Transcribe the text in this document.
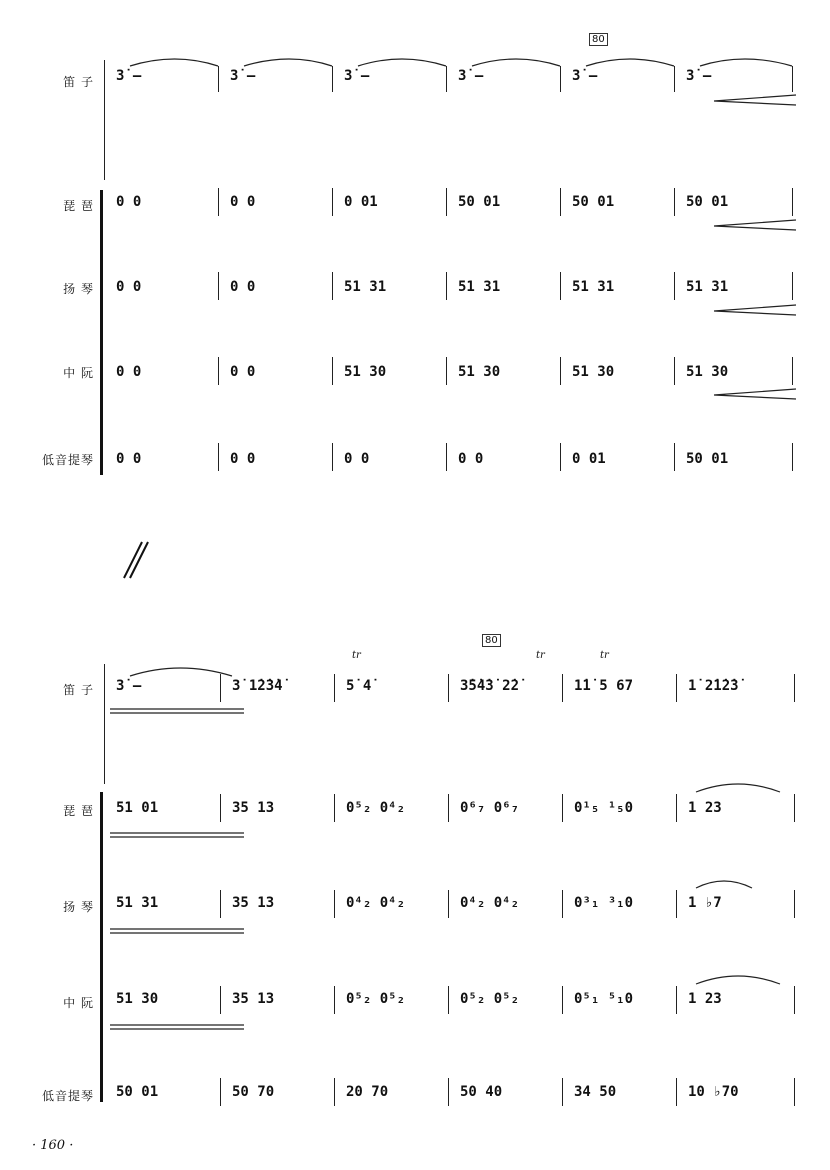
80
笛 子 3̇ –	3̇ –	3̇ –	3̇ –	3̇ –	3̇ –
琵 琶 0 0	0 0	0 01	50 01	50 01	50 01
扬 琴 0 0	0 0	51 31	51 31	51 31	51 31
中 阮 0 0	0 0	51 30	51 30	51 30	51 30
低音提琴 0 0	0 0	0 0	0 0	0 01	50 01
80
tr	tr	tr
笛 子 3̇ –	3̇ 1̇2̇3̇4̇	5̇ 4̇	3̇5̇4̇3̇ 2̇2̇	1̇1̇ 5 67	1̇ 2̇1̇2̇3̇
琵 琶 51 01	35 13	0⁵₂ 0⁴₂	0⁶₇ 0⁶₇	0¹₅ ¹₅0	1 23
扬 琴 51 31	35 13	0⁴₂ 0⁴₂	0⁴₂ 0⁴₂	0³₁ ³₁0	1 ♭7
中 阮 51 30	35 13	0⁵₂ 0⁵₂	0⁵₂ 0⁵₂	0⁵₁ ⁵₁0	1 23
低音提琴 50 01	50 70	20 70	50 40	34 50	10 ♭70
· 160 ·
